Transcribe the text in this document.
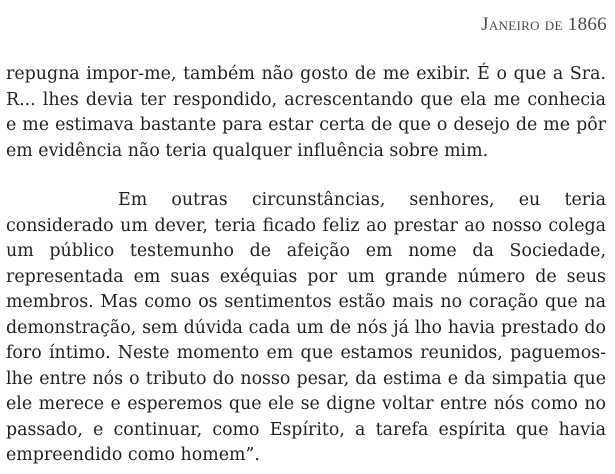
Janeiro de 1866

repugna impor-me, também não gosto de me exibir. É o que a Sra. R... lhes devia ter respondido, acrescentando que ela me conhecia e me estimava bastante para estar certa de que o desejo de me pôr em evidência não teria qualquer influência sobre mim.

Em outras circunstâncias, senhores, eu teria considerado um dever, teria ficado feliz ao prestar ao nosso colega um público testemunho de afeição em nome da Sociedade, representada em suas exéquias por um grande número de seus membros. Mas como os sentimentos estão mais no coração que na demonstração, sem dúvida cada um de nós já lho havia prestado do foro íntimo. Neste momento em que estamos reunidos, paguemos-lhe entre nós o tributo do nosso pesar, da estima e da simpatia que ele merece e esperemos que ele se digne voltar entre nós como no passado, e continuar, como Espírito, a tarefa espírita que havia empreendido como homem”.
